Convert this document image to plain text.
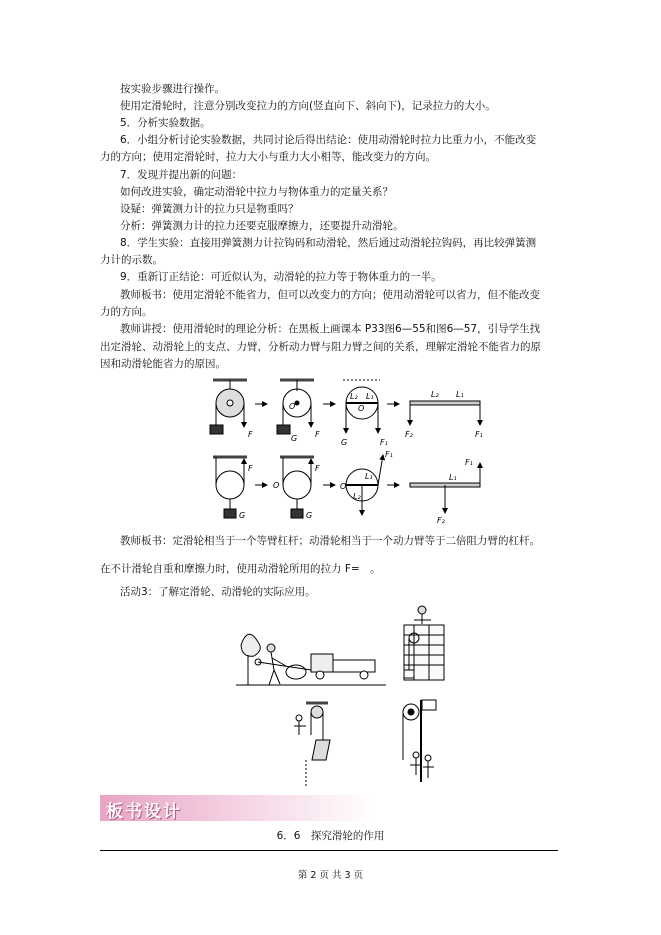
按实验步骤进行操作。
使用定滑轮时，注意分别改变拉力的方向(竖直向下、斜向下)，记录拉力的大小。
5．分析实验数据。
6．小组分析讨论实验数据，共同讨论后得出结论：使用动滑轮时拉力比重力小，不能改变
力的方向；使用定滑轮时，拉力大小与重力大小相等，能改变力的方向。
7．发现并提出新的问题：
如何改进实验，确定动滑轮中拉力与物体重力的定量关系？
设疑：弹簧测力计的拉力只是物重吗？
分析：弹簧测力计的拉力还要克服摩擦力，还要提升动滑轮。
8．学生实验：直接用弹簧测力计拉钩码和动滑轮，然后通过动滑轮拉钩码，再比较弹簧测
力计的示数。
9．重新订正结论：可近似认为，动滑轮的拉力等于物体重力的一半。
教师板书：使用定滑轮不能省力，但可以改变力的方向；使用动滑轮可以省力，但不能改变
力的方向。
教师讲授：使用滑轮时的理论分析：在黑板上画课本 P33图6—55和图6—57，引导学生找
出定滑轮、动滑轮上的支点、力臂，分析动力臂与阻力臂之间的关系，理解定滑轮不能省力的原
因和动滑轮能省力的原因。
F	F
O
G
O
L₂ L₁
G	F₁
L₂ L₁
F₂	F₁
F
G
F
O
G
F₁
L₁
L₂
O
F₁
L₁
F₂
教师板书：定滑轮相当于一个等臂杠杆；动滑轮相当于一个动力臂等于二倍阻力臂的杠杆。
在不计滑轮自重和摩擦力时，使用动滑轮所用的拉力 F=　。
活动3：了解定滑轮、动滑轮的实际应用。
板书设计
6．6　探究滑轮的作用
第 2 页 共 3 页
